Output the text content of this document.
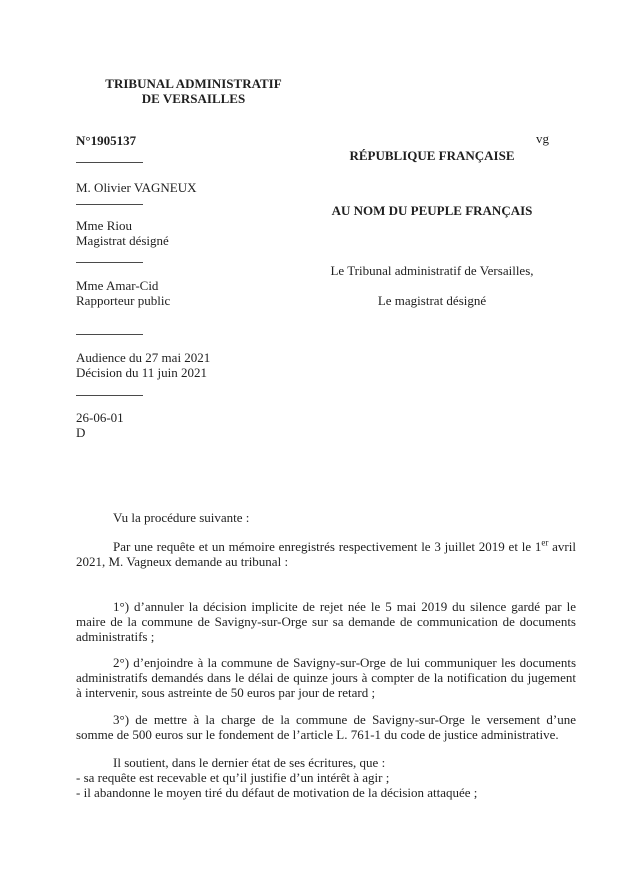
TRIBUNAL ADMINISTRATIF
DE VERSAILLES
vg
N°1905137
M. Olivier VAGNEUX
Mme Riou
Magistrat désigné
Mme Amar-Cid
Rapporteur public
Audience du 27 mai 2021
Décision du 11 juin 2021
26-06-01
D
RÉPUBLIQUE FRANÇAISE
AU NOM DU PEUPLE FRANÇAIS
Le Tribunal administratif de Versailles,
Le magistrat désigné
Vu la procédure suivante :
Par une requête et un mémoire enregistrés respectivement le 3 juillet 2019 et le 1er avril 2021, M. Vagneux demande au tribunal :
1°) d’annuler la décision implicite de rejet née le 5 mai 2019 du silence gardé par le maire de la commune de Savigny-sur-Orge sur sa demande de communication de documents administratifs ;
2°) d’enjoindre à la commune de Savigny-sur-Orge de lui communiquer les documents administratifs demandés dans le délai de quinze jours à compter de la notification du jugement à intervenir, sous astreinte de 50 euros par jour de retard ;
3°) de mettre à la charge de la commune de Savigny-sur-Orge le versement d’une somme de 500 euros sur le fondement de l’article L. 761-1 du code de justice administrative.
Il soutient, dans le dernier état de ses écritures, que :
- sa requête est recevable et qu’il justifie d’un intérêt à agir ;
- il abandonne le moyen tiré du défaut de motivation de la décision attaquée ;
